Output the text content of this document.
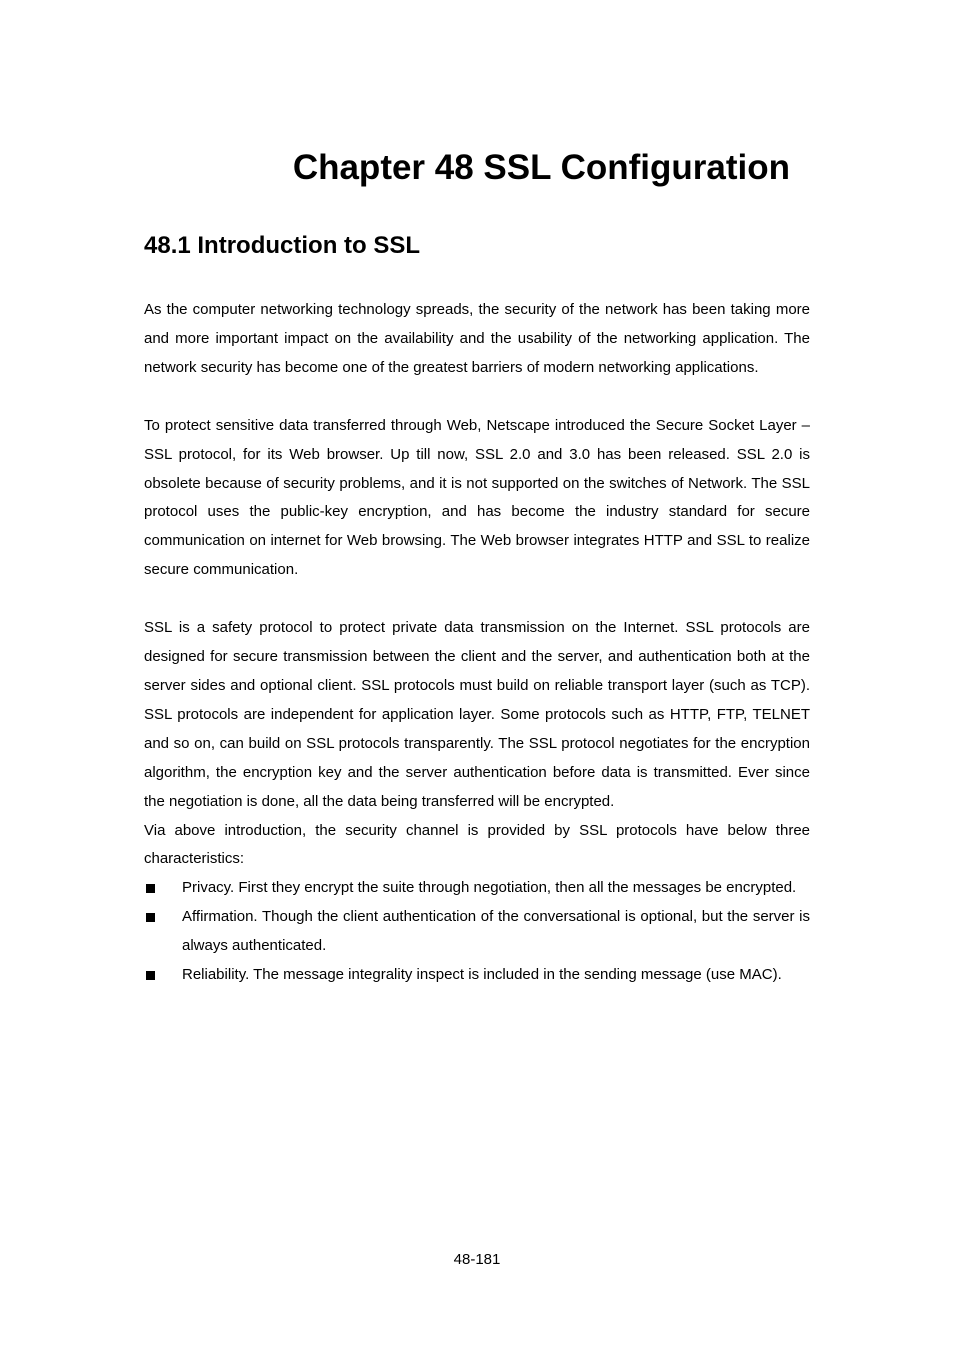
Chapter 48 SSL Configuration
48.1 Introduction to SSL

As the computer networking technology spreads, the security of the network has been taking more and more important impact on the availability and the usability of the networking application. The network security has become one of the greatest barriers of modern networking applications.

To protect sensitive data transferred through Web, Netscape introduced the Secure Socket Layer – SSL protocol, for its Web browser. Up till now, SSL 2.0 and 3.0 has been released. SSL 2.0 is obsolete because of security problems, and it is not supported on the switches of Network. The SSL protocol uses the public-key encryption, and has become the industry standard for secure communication on internet for Web browsing. The Web browser integrates HTTP and SSL to realize secure communication.

SSL is a safety protocol to protect private data transmission on the Internet. SSL protocols are designed for secure transmission between the client and the server, and authentication both at the server sides and optional client. SSL protocols must build on reliable transport layer (such as TCP). SSL protocols are independent for application layer. Some protocols such as HTTP, FTP, TELNET and so on, can build on SSL protocols transparently. The SSL protocol negotiates for the encryption algorithm, the encryption key and the server authentication before data is transmitted. Ever since the negotiation is done, all the data being transferred will be encrypted.

Via above introduction, the security channel is provided by SSL protocols have below three characteristics:

Privacy. First they encrypt the suite through negotiation, then all the messages be encrypted.
Affirmation. Though the client authentication of the conversational is optional, but the server is always authenticated.
Reliability. The message integrality inspect is included in the sending message (use MAC).
48-181
